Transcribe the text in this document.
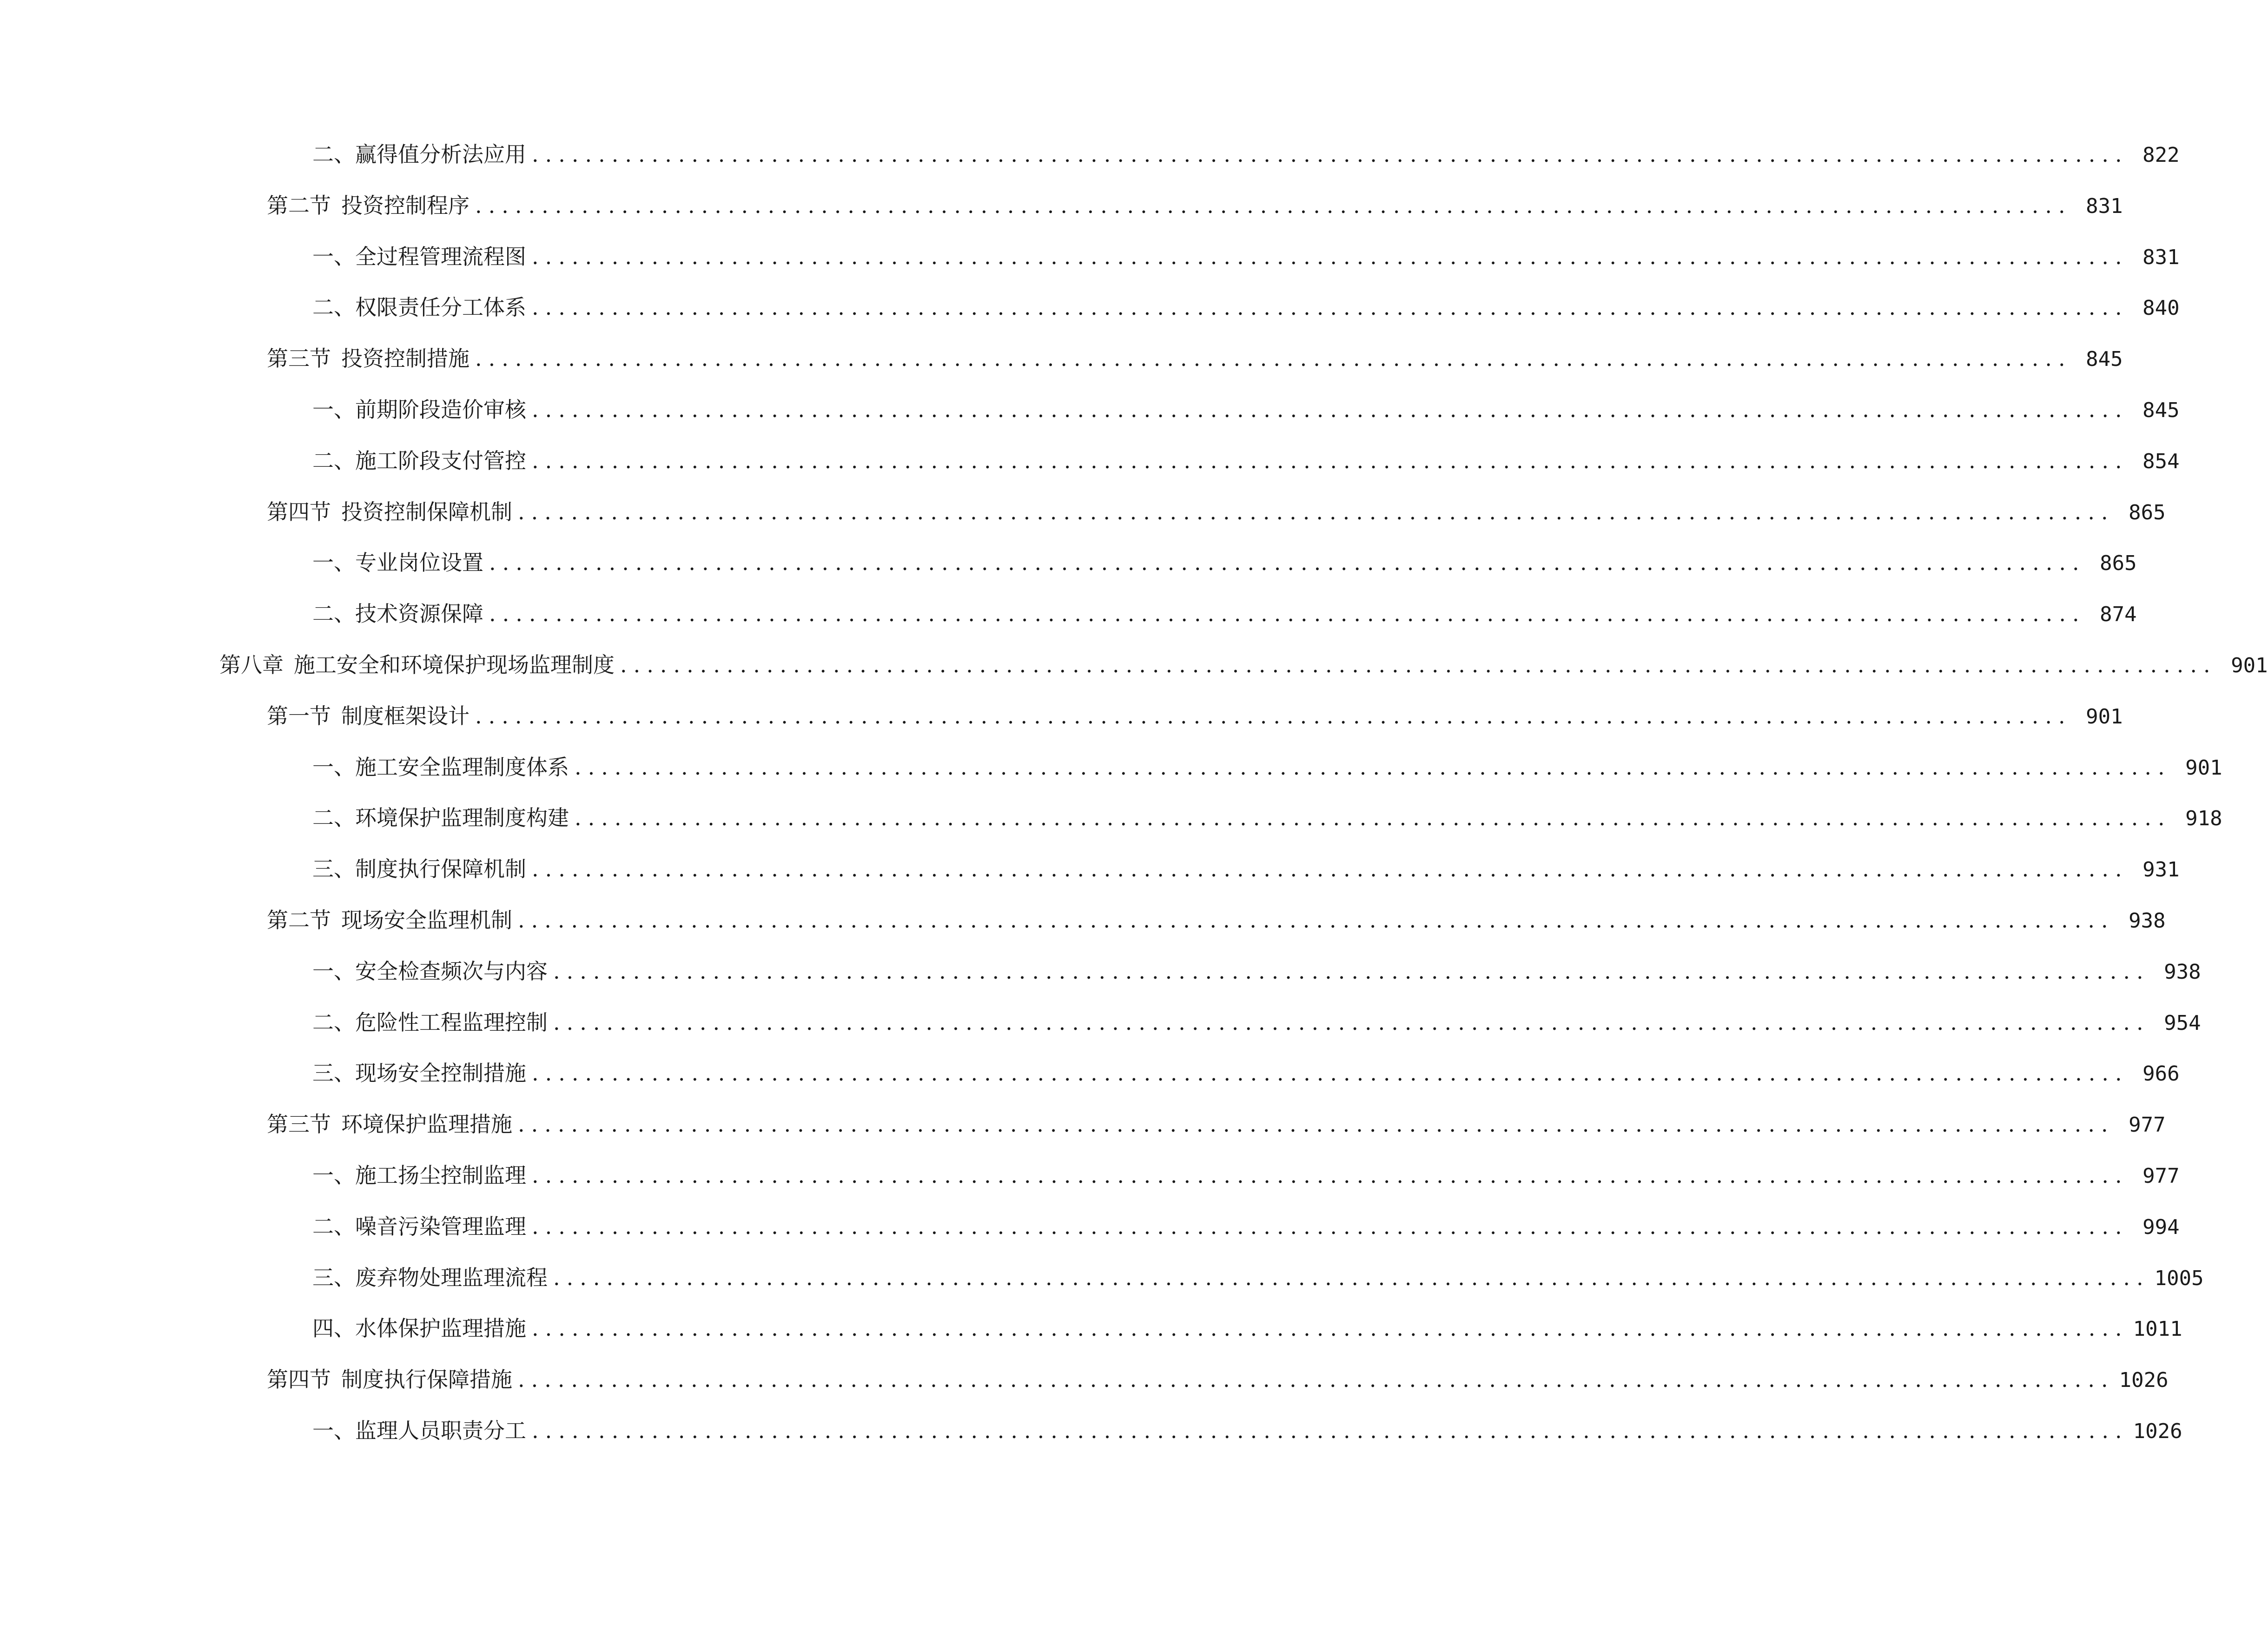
二、 赢得值分析法应用 ........................................................................................................................ 822
第二节 投资控制程序 ........................................................................................................................ 831
一、 全过程管理流程图 ........................................................................................................................ 831
二、 权限责任分工体系 ........................................................................................................................ 840
第三节 投资控制措施 ........................................................................................................................ 845
一、 前期阶段造价审核 ........................................................................................................................ 845
二、 施工阶段支付管控 ........................................................................................................................ 854
第四节 投资控制保障机制 ........................................................................................................................ 865
一、 专业岗位设置 ........................................................................................................................ 865
二、 技术资源保障 ........................................................................................................................ 874
第八章 施工安全和环境保护现场监理制度 ........................................................................................................................ 901
第一节 制度框架设计 ........................................................................................................................ 901
一、 施工安全监理制度体系 ........................................................................................................................ 901
二、 环境保护监理制度构建 ........................................................................................................................ 918
三、 制度执行保障机制 ........................................................................................................................ 931
第二节 现场安全监理机制 ........................................................................................................................ 938
一、 安全检查频次与内容 ........................................................................................................................ 938
二、 危险性工程监理控制 ........................................................................................................................ 954
三、 现场安全控制措施 ........................................................................................................................ 966
第三节 环境保护监理措施 ........................................................................................................................ 977
一、 施工扬尘控制监理 ........................................................................................................................ 977
二、 噪音污染管理监理 ........................................................................................................................ 994
三、 废弃物处理监理流程 ........................................................................................................................ 1005
四、 水体保护监理措施 ........................................................................................................................ 1011
第四节 制度执行保障措施 ........................................................................................................................ 1026
一、 监理人员职责分工 ........................................................................................................................ 1026
